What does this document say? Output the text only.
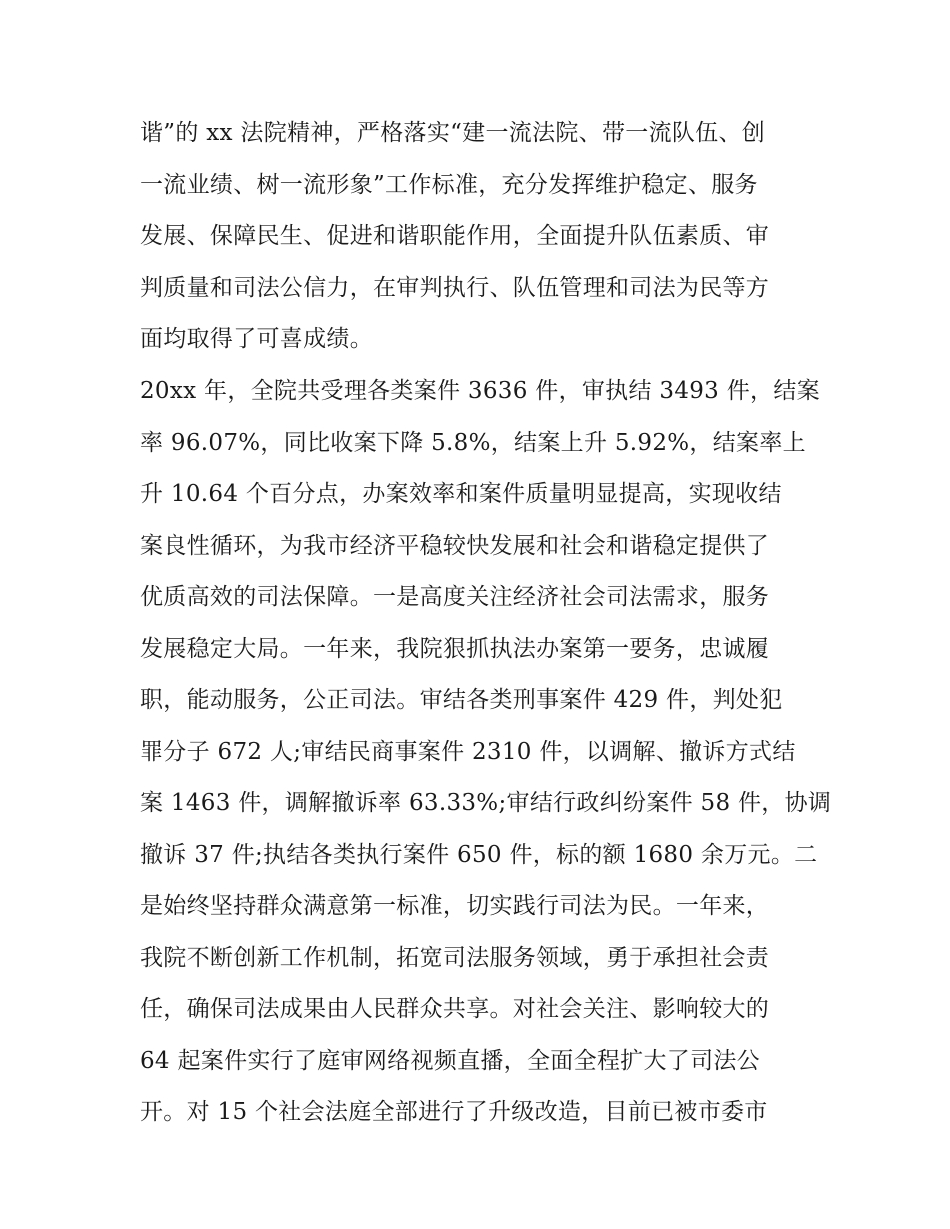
谐”的 xx 法院精神，严格落实“建一流法院、带一流队伍、创
一流业绩、树一流形象”工作标准，充分发挥维护稳定、服务
发展、保障民生、促进和谐职能作用，全面提升队伍素质、审
判质量和司法公信力，在审判执行、队伍管理和司法为民等方
面均取得了可喜成绩。
20xx 年，全院共受理各类案件 3636 件，审执结 3493 件，结案
率 96.07%，同比收案下降 5.8%，结案上升 5.92%，结案率上
升 10.64 个百分点，办案效率和案件质量明显提高，实现收结
案良性循环，为我市经济平稳较快发展和社会和谐稳定提供了
优质高效的司法保障。一是高度关注经济社会司法需求，服务
发展稳定大局。一年来，我院狠抓执法办案第一要务，忠诚履
职，能动服务，公正司法。审结各类刑事案件 429 件，判处犯
罪分子 672 人;审结民商事案件 2310 件，以调解、撤诉方式结
案 1463 件，调解撤诉率 63.33%;审结行政纠纷案件 58 件，协调
撤诉 37 件;执结各类执行案件 650 件，标的额 1680 余万元。二
是始终坚持群众满意第一标准，切实践行司法为民。一年来，
我院不断创新工作机制，拓宽司法服务领域，勇于承担社会责
任，确保司法成果由人民群众共享。对社会关注、影响较大的
64 起案件实行了庭审网络视频直播，全面全程扩大了司法公
开。对 15 个社会法庭全部进行了升级改造，目前已被市委市
